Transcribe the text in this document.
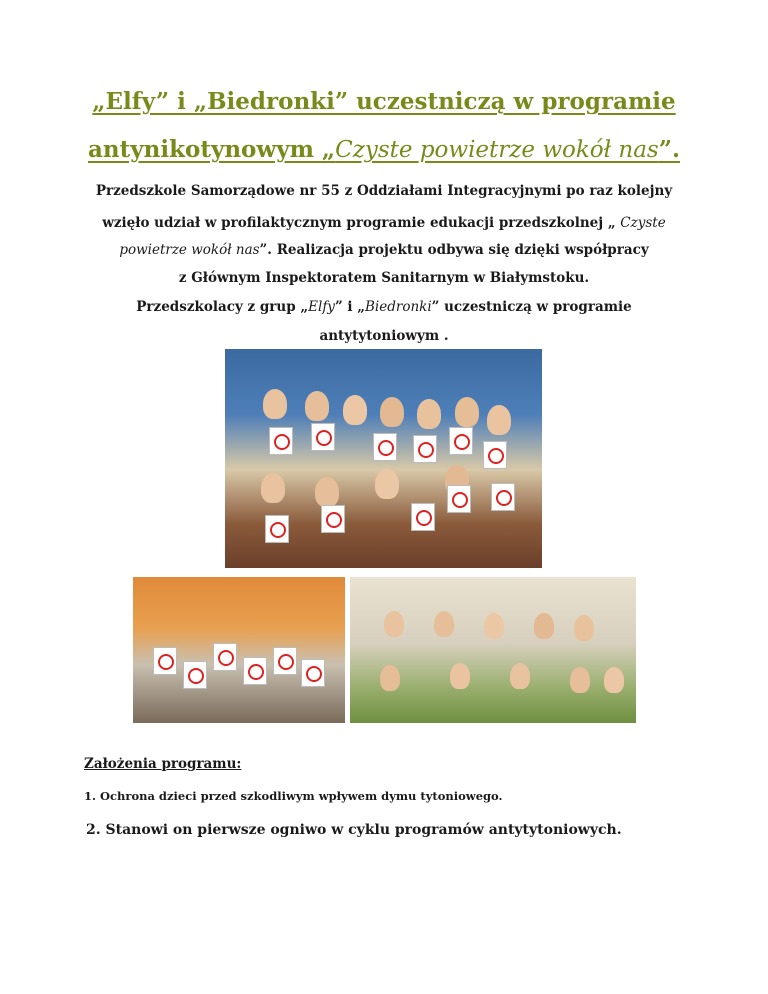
„Elfy” i „Biedronki” uczestniczą w programie
antynikotynowym „Czyste powietrze wokół nas”.
Przedszkole Samorządowe nr 55 z Oddziałami Integracyjnymi po raz kolejny
wzięło udział w profilaktycznym programie edukacji przedszkolnej „ Czyste
powietrze wokół nas”. Realizacja projektu odbywa się dzięki współpracy
z Głównym Inspektoratem Sanitarnym w Białymstoku.
Przedszkolacy z grup „Elfy” i „Biedronki” uczestniczą w programie
antytytoniowym .
Założenia programu:
1. Ochrona dzieci przed szkodliwym wpływem dymu tytoniowego.
2. Stanowi on pierwsze ogniwo w cyklu programów antytytoniowych.
